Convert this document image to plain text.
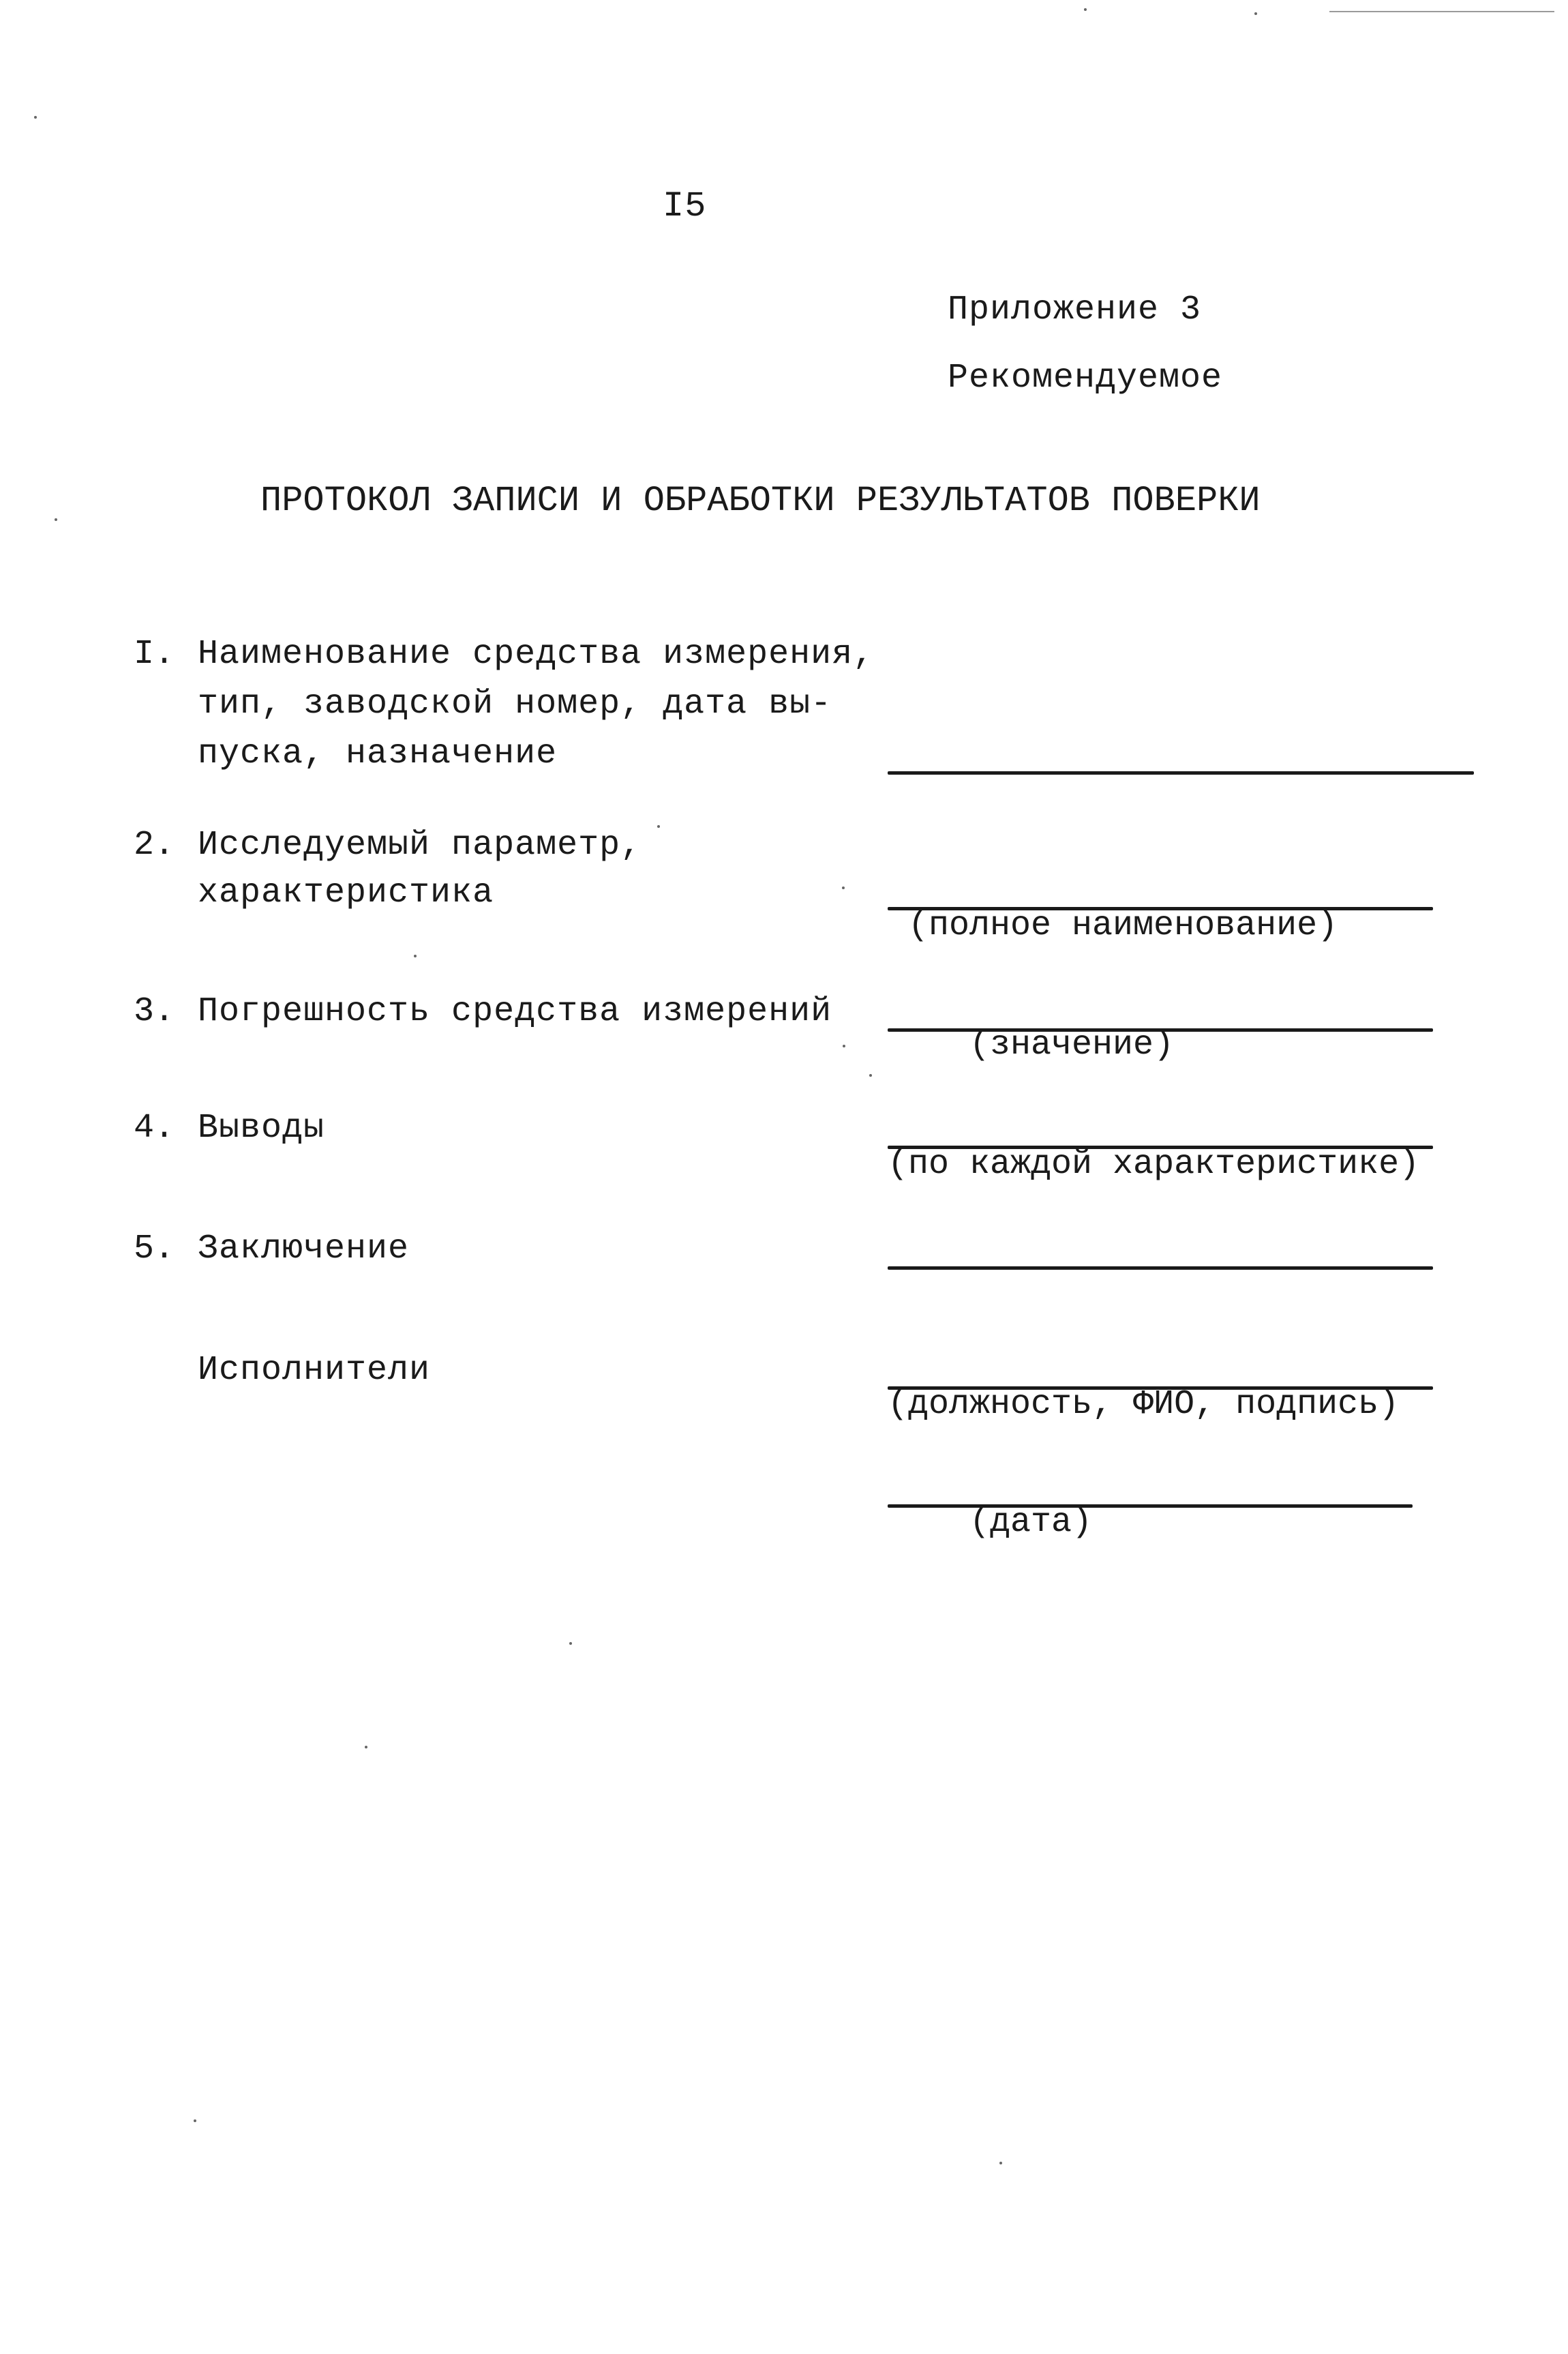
I5
Приложение 3
Рекомендуемое
ПРОТОКОЛ ЗАПИСИ И ОБРАБОТКИ РЕЗУЛЬТАТОВ ПОВЕРКИ
I. Наименование средства измерения,
тип, заводской номер, дата вы-
пуска, назначение
2. Исследуемый параметр,
характеристика
(полное наименование)
3. Погрешность средства измерений
(значение)
4. Выводы
(по каждой характеристике)
5. Заключение
Исполнители
(должность, ФИО, подпись)
(дата)
